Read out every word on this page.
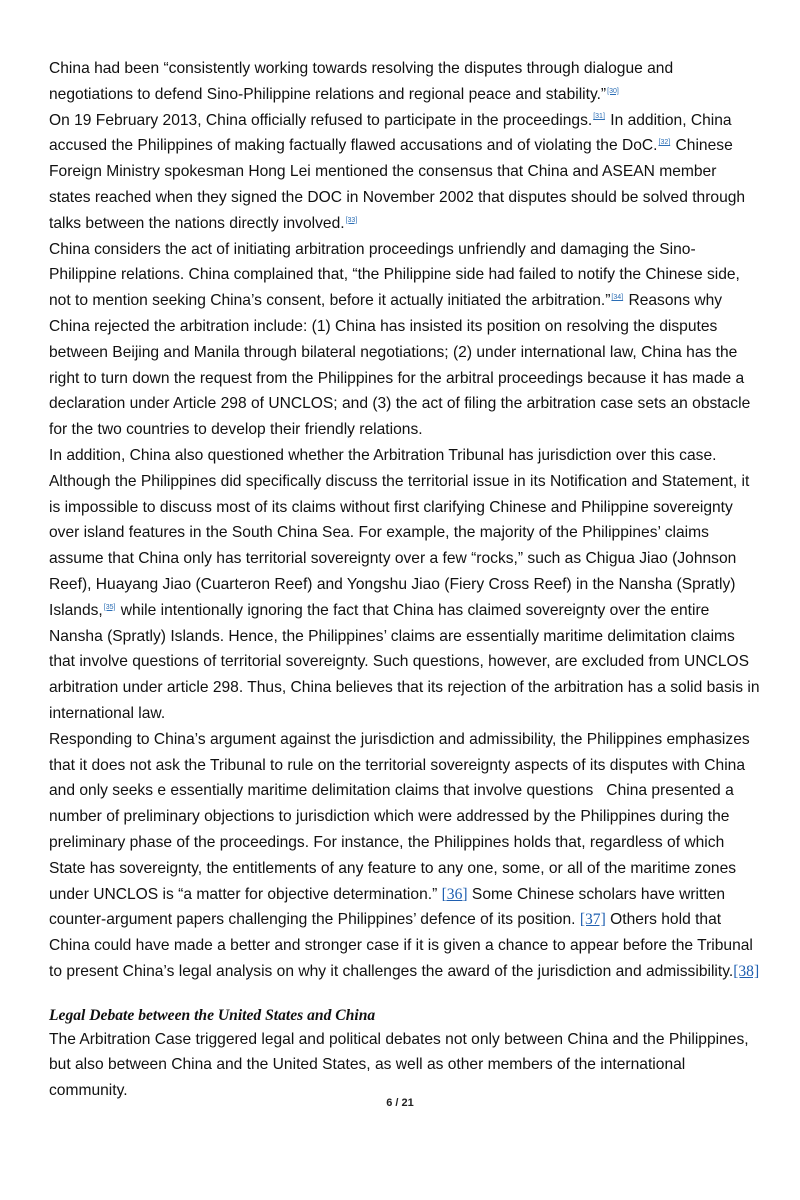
China had been “consistently working towards resolving the disputes through dialogue and negotiations to defend Sino-Philippine relations and regional peace and stability.”[30]

On 19 February 2013, China officially refused to participate in the proceedings.[31] In addition, China accused the Philippines of making factually flawed accusations and of violating the DoC.[32] Chinese Foreign Ministry spokesman Hong Lei mentioned the consensus that China and ASEAN member states reached when they signed the DOC in November 2002 that disputes should be solved through talks between the nations directly involved.[33]

China considers the act of initiating arbitration proceedings unfriendly and damaging the Sino-Philippine relations. China complained that, “the Philippine side had failed to notify the Chinese side, not to mention seeking China’s consent, before it actually initiated the arbitration.”[34] Reasons why China rejected the arbitration include: (1) China has insisted its position on resolving the disputes between Beijing and Manila through bilateral negotiations; (2) under international law, China has the right to turn down the request from the Philippines for the arbitral proceedings because it has made a declaration under Article 298 of UNCLOS; and (3) the act of filing the arbitration case sets an obstacle for the two countries to develop their friendly relations.

In addition, China also questioned whether the Arbitration Tribunal has jurisdiction over this case.   Although the Philippines did specifically discuss the territorial issue in its Notification and Statement, it is impossible to discuss most of its claims without first clarifying Chinese and Philippine sovereignty over island features in the South China Sea. For example, the majority of the Philippines’ claims assume that China only has territorial sovereignty over a few “rocks,” such as Chigua Jiao (Johnson Reef), Huayang Jiao (Cuarteron Reef) and Yongshu Jiao (Fiery Cross Reef) in the Nansha (Spratly) Islands,[35] while intentionally ignoring the fact that China has claimed sovereignty over the entire Nansha (Spratly) Islands. Hence, the Philippines’ claims are essentially maritime delimitation claims that involve questions of territorial sovereignty. Such questions, however, are excluded from UNCLOS arbitration under article 298. Thus, China believes that its rejection of the arbitration has a solid basis in international law.

Responding to China’s argument against the jurisdiction and admissibility, the Philippines emphasizes that it does not ask the Tribunal to rule on the territorial sovereignty aspects of its disputes with China and only seeks e essentially maritime delimitation claims that involve questions   China presented a number of preliminary objections to jurisdiction which were addressed by the Philippines during the preliminary phase of the proceedings. For instance, the Philippines holds that, regardless of which State has sovereignty, the entitlements of any feature to any one, some, or all of the maritime zones under UNCLOS is “a matter for objective determination.” [36] Some Chinese scholars have written counter-argument papers challenging the Philippines’ defence of its position. [37] Others hold that China could have made a better and stronger case if it is given a chance to appear before the Tribunal to present China’s legal analysis on why it challenges the award of the jurisdiction and admissibility.[38]

Legal Debate between the United States and China

The Arbitration Case triggered legal and political debates not only between China and the Philippines, but also between China and the United States, as well as other members of the international community.

6 / 21
